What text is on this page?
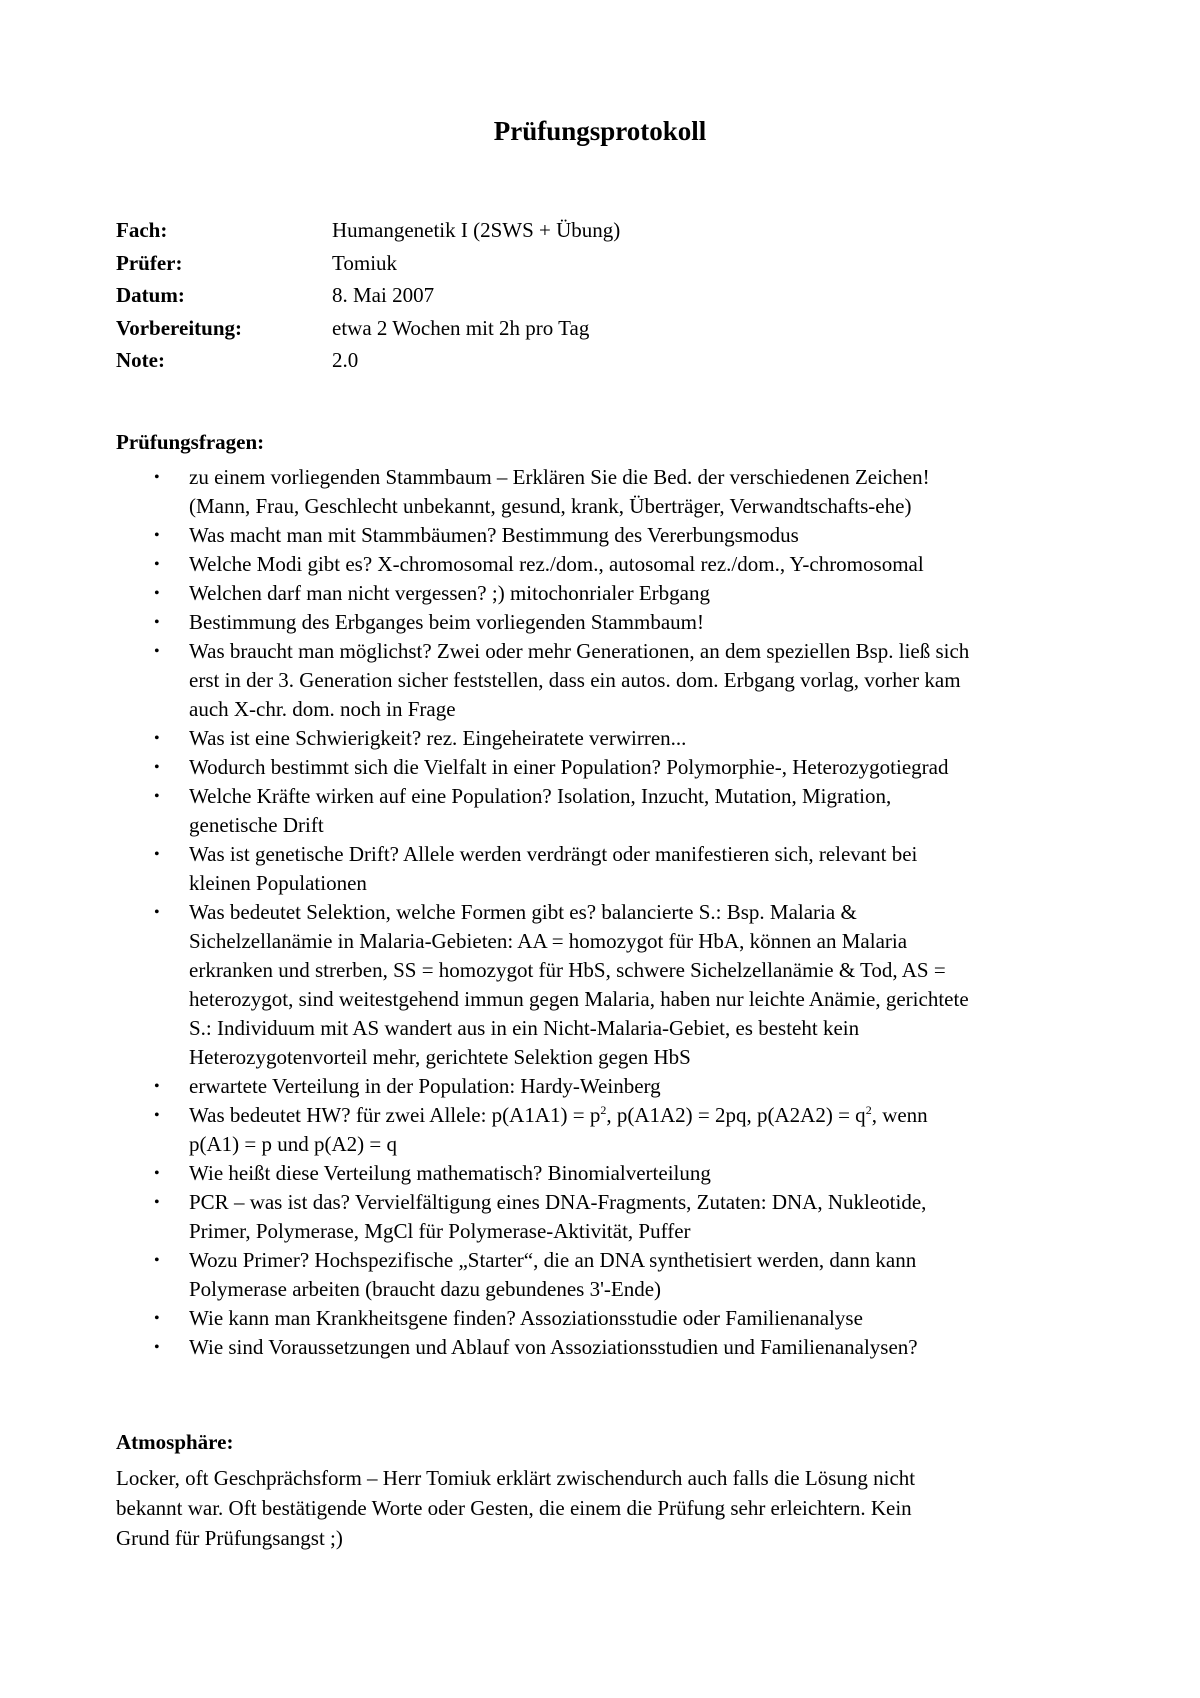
Prüfungsprotokoll
Fach:	Humangenetik I (2SWS + Übung)
Prüfer:	Tomiuk
Datum:	8. Mai 2007
Vorbereitung:	etwa 2 Wochen mit 2h pro Tag
Note:	2.0
Prüfungsfragen:
• zu einem vorliegenden Stammbaum – Erklären Sie die Bed. der verschiedenen Zeichen!
(Mann, Frau, Geschlecht unbekannt, gesund, krank, Überträger, Verwandtschafts-ehe)
• Was macht man mit Stammbäumen? Bestimmung des Vererbungsmodus
• Welche Modi gibt es? X-chromosomal rez./dom., autosomal rez./dom., Y-chromosomal
• Welchen darf man nicht vergessen? ;) mitochonrialer Erbgang
• Bestimmung des Erbganges beim vorliegenden Stammbaum!
• Was braucht man möglichst? Zwei oder mehr Generationen, an dem speziellen Bsp. ließ sich
erst in der 3. Generation sicher feststellen, dass ein autos. dom. Erbgang vorlag, vorher kam
auch X-chr. dom. noch in Frage
• Was ist eine Schwierigkeit? rez. Eingeheiratete verwirren...
• Wodurch bestimmt sich die Vielfalt in einer Population? Polymorphie-, Heterozygotiegrad
• Welche Kräfte wirken auf eine Population? Isolation, Inzucht, Mutation, Migration,
genetische Drift
• Was ist genetische Drift? Allele werden verdrängt oder manifestieren sich, relevant bei
kleinen Populationen
• Was bedeutet Selektion, welche Formen gibt es? balancierte S.: Bsp. Malaria &
Sichelzellanämie in Malaria-Gebieten: AA = homozygot für HbA, können an Malaria
erkranken und strerben, SS = homozygot für HbS, schwere Sichelzellanämie & Tod, AS =
heterozygot, sind weitestgehend immun gegen Malaria, haben nur leichte Anämie, gerichtete
S.: Individuum mit AS wandert aus in ein Nicht-Malaria-Gebiet, es besteht kein
Heterozygotenvorteil mehr, gerichtete Selektion gegen HbS
• erwartete Verteilung in der Population: Hardy-Weinberg
• Was bedeutet HW? für zwei Allele: $p(A1A1) = p^2$, p(A1A2) = 2pq, $p(A2A2) = q^2$, wenn
p(A1) = p und p(A2) = q
• Wie heißt diese Verteilung mathematisch? Binomialverteilung
• PCR – was ist das? Vervielfältigung eines DNA-Fragments, Zutaten: DNA, Nukleotide,
Primer, Polymerase, MgCl für Polymerase-Aktivität, Puffer
• Wozu Primer? Hochspezifische „Starter“, die an DNA synthetisiert werden, dann kann
Polymerase arbeiten (braucht dazu gebundenes 3'-Ende)
• Wie kann man Krankheitsgene finden? Assoziationsstudie oder Familienanalyse
• Wie sind Voraussetzungen und Ablauf von Assoziationsstudien und Familienanalysen?
Atmosphäre:
Locker, oft Geschprächsform – Herr Tomiuk erklärt zwischendurch auch falls die Lösung nicht
bekannt war. Oft bestätigende Worte oder Gesten, die einem die Prüfung sehr erleichtern. Kein
Grund für Prüfungsangst ;)
